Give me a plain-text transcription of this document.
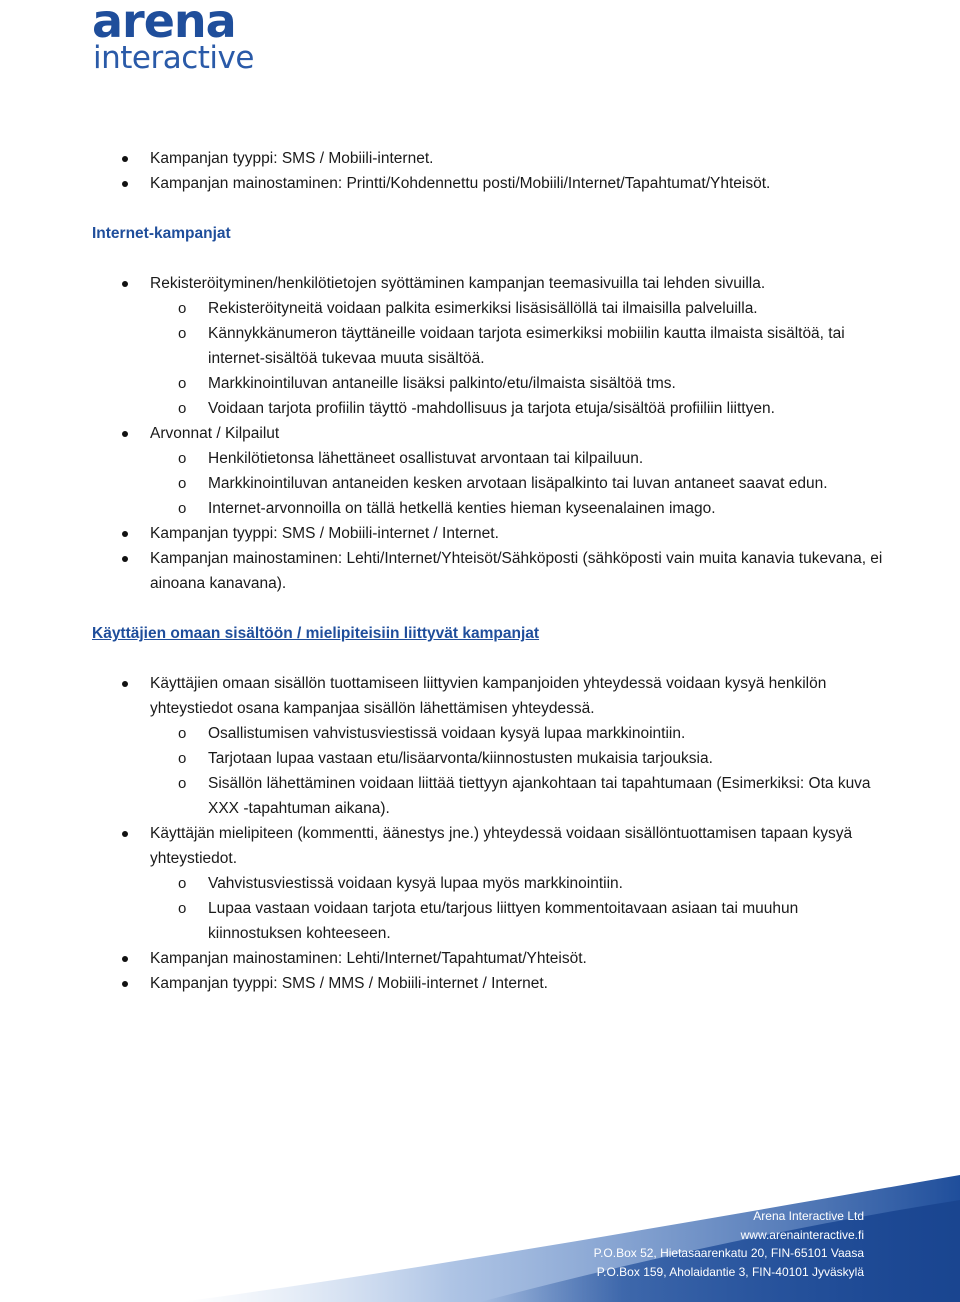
arena
interactive
Kampanjan tyyppi: SMS / Mobiili-internet.
Kampanjan mainostaminen: Printti/Kohdennettu posti/Mobiili/Internet/Tapahtumat/Yhteisöt.
Internet-kampanjat
Rekisteröityminen/henkilötietojen syöttäminen kampanjan teemasivuilla tai lehden sivuilla.
o Rekisteröityneitä voidaan palkita esimerkiksi lisäsisällöllä tai ilmaisilla palveluilla.
o Kännykkänumeron täyttäneille voidaan tarjota esimerkiksi mobiilin kautta ilmaista sisältöä, tai internet-sisältöä tukevaa muuta sisältöä.
o Markkinointiluvan antaneille lisäksi palkinto/etu/ilmaista sisältöä tms.
o Voidaan tarjota profiilin täyttö -mahdollisuus ja tarjota etuja/sisältöä profiiliin liittyen.
Arvonnat / Kilpailut
o Henkilötietonsa lähettäneet osallistuvat arvontaan tai kilpailuun.
o Markkinointiluvan antaneiden kesken arvotaan lisäpalkinto tai luvan antaneet saavat edun.
o Internet-arvonnoilla on tällä hetkellä kenties hieman kyseenalainen imago.
Kampanjan tyyppi: SMS / Mobiili-internet / Internet.
Kampanjan mainostaminen: Lehti/Internet/Yhteisöt/Sähköposti (sähköposti vain muita kanavia tukevana, ei ainoana kanavana).
Käyttäjien omaan sisältöön / mielipiteisiin liittyvät kampanjat
Käyttäjien omaan sisällön tuottamiseen liittyvien kampanjoiden yhteydessä voidaan kysyä henkilön yhteystiedot osana kampanjaa sisällön lähettämisen yhteydessä.
o Osallistumisen vahvistusviestissä voidaan kysyä lupaa markkinointiin.
o Tarjotaan lupaa vastaan etu/lisäarvonta/kiinnostusten mukaisia tarjouksia.
o Sisällön lähettäminen voidaan liittää tiettyyn ajankohtaan tai tapahtumaan (Esimerkiksi: Ota kuva XXX -tapahtuman aikana).
Käyttäjän mielipiteen (kommentti, äänestys jne.) yhteydessä voidaan sisällöntuottamisen tapaan kysyä yhteystiedot.
o Vahvistusviestissä voidaan kysyä lupaa myös markkinointiin.
o Lupaa vastaan voidaan tarjota etu/tarjous liittyen kommentoitavaan asiaan tai muuhun kiinnostuksen kohteeseen.
Kampanjan mainostaminen: Lehti/Internet/Tapahtumat/Yhteisöt.
Kampanjan tyyppi: SMS / MMS / Mobiili-internet / Internet.
Arena Interactive Ltd
www.arenainteractive.fi
P.O.Box 52, Hietasaarenkatu 20, FIN-65101 Vaasa
P.O.Box 159, Aholaidantie 3, FIN-40101 Jyväskylä
